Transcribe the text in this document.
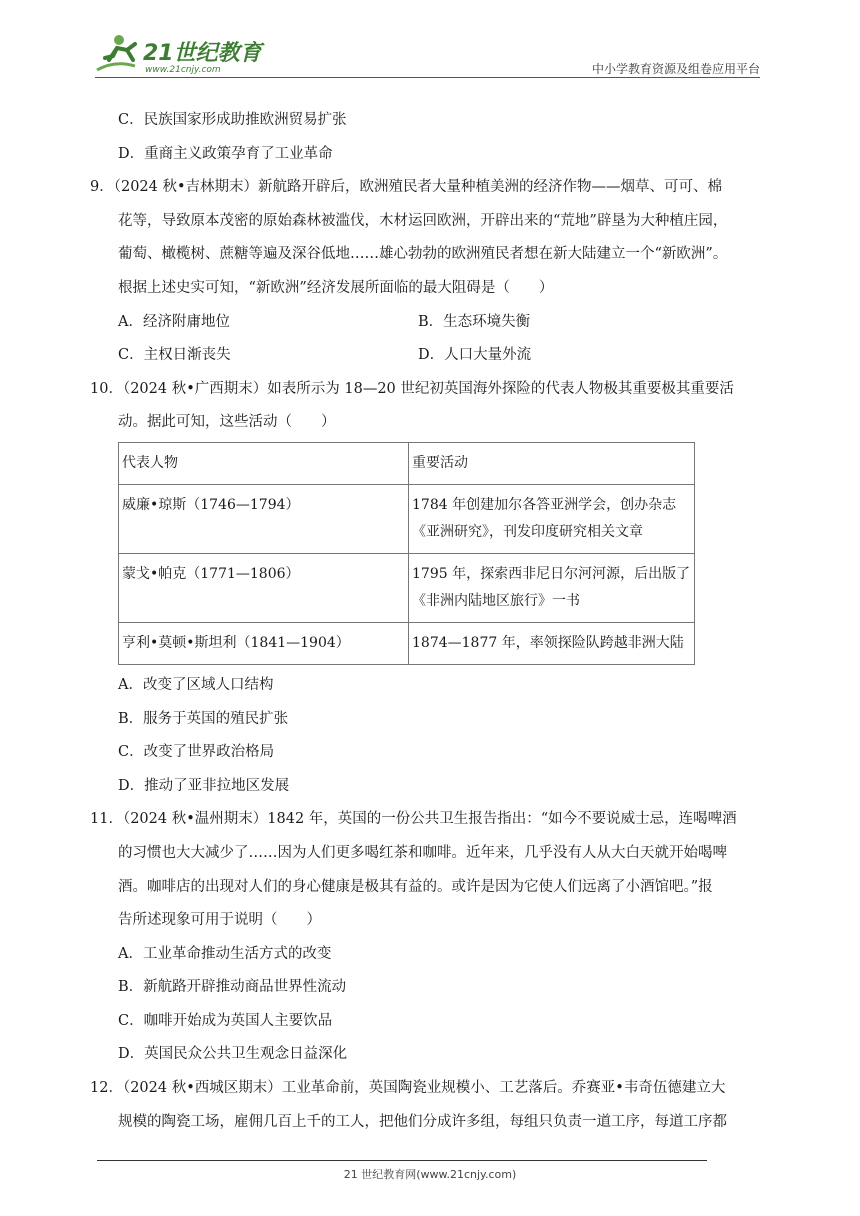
21世纪教育
www.21cnjy.com	中小学教育资源及组卷应用平台
C．民族国家形成助推欧洲贸易扩张
D．重商主义政策孕育了工业革命
9．（2024 秋•吉林期末）新航路开辟后，欧洲殖民者大量种植美洲的经济作物——烟草、可可、棉
花等，导致原本茂密的原始森林被滥伐，木材运回欧洲，开辟出来的“荒地”辟垦为大种植庄园，
葡萄、橄榄树、蔗糖等遍及深谷低地……雄心勃勃的欧洲殖民者想在新大陆建立一个“新欧洲”。
根据上述史实可知，“新欧洲”经济发展所面临的最大阻碍是（　　）
A．经济附庸地位	B．生态环境失衡
C．主权日渐丧失	D．人口大量外流
10．（2024 秋•广西期末）如表所示为 18—20 世纪初英国海外探险的代表人物极其重要极其重要活
动。据此可知，这些活动（　　）
代表人物	重要活动
威廉•琼斯（1746—1794）	1784 年创建加尔各答亚洲学会，创办杂志
《亚洲研究》，刊发印度研究相关文章

蒙戈•帕克（1771—1806）	1795 年，探索西非尼日尔河河源，后出版了
《非洲内陆地区旅行》一书

亨利•莫顿•斯坦利（1841—1904）	1874—1877 年，率领探险队跨越非洲大陆
A．改变了区域人口结构
B．服务于英国的殖民扩张
C．改变了世界政治格局
D．推动了亚非拉地区发展
11．（2024 秋•温州期末）1842 年，英国的一份公共卫生报告指出：“如今不要说威士忌，连喝啤酒
的习惯也大大减少了……因为人们更多喝红茶和咖啡。近年来，几乎没有人从大白天就开始喝啤
酒。咖啡店的出现对人们的身心健康是极其有益的。或许是因为它使人们远离了小酒馆吧。”报
告所述现象可用于说明（　　）
A．工业革命推动生活方式的改变
B．新航路开辟推动商品世界性流动
C．咖啡开始成为英国人主要饮品
D．英国民众公共卫生观念日益深化
12．（2024 秋•西城区期末）工业革命前，英国陶瓷业规模小、工艺落后。乔赛亚•韦奇伍德建立大
规模的陶瓷工场，雇佣几百上千的工人，把他们分成许多组，每组只负责一道工序，每道工序都
21 世纪教育网(www.21cnjy.com)
